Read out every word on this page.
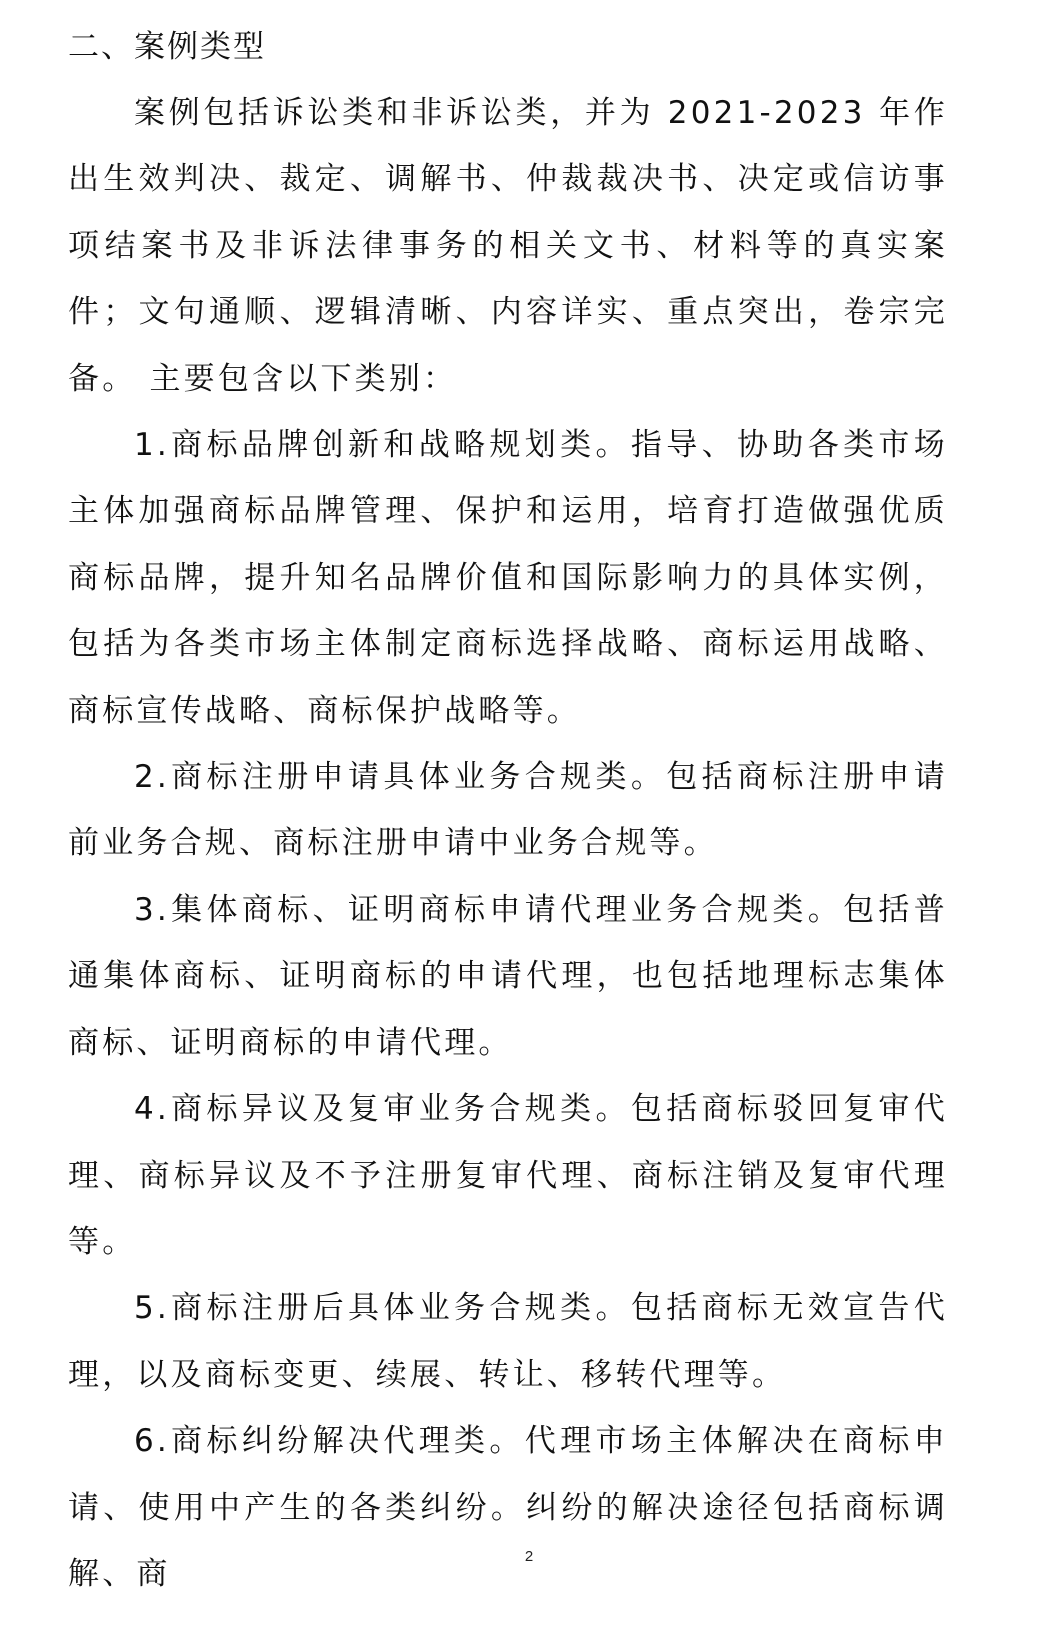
二、案例类型

案例包括诉讼类和非诉讼类，并为 2021-2023 年作出生效判决、裁定、调解书、仲裁裁决书、决定或信访事项结案书及非诉法律事务的相关文书、材料等的真实案件；文句通顺、逻辑清晰、内容详实、重点突出，卷宗完备。 主要包含以下类别：

1.商标品牌创新和战略规划类。指导、协助各类市场主体加强商标品牌管理、保护和运用，培育打造做强优质商标品牌，提升知名品牌价值和国际影响力的具体实例，包括为各类市场主体制定商标选择战略、商标运用战略、商标宣传战略、商标保护战略等。

2.商标注册申请具体业务合规类。包括商标注册申请前业务合规、商标注册申请中业务合规等。

3.集体商标、证明商标申请代理业务合规类。包括普通集体商标、证明商标的申请代理，也包括地理标志集体商标、证明商标的申请代理。

4.商标异议及复审业务合规类。包括商标驳回复审代理、商标异议及不予注册复审代理、商标注销及复审代理等。

5.商标注册后具体业务合规类。包括商标无效宣告代理，以及商标变更、续展、转让、移转代理等。

6.商标纠纷解决代理类。代理市场主体解决在商标申请、使用中产生的各类纠纷。纠纷的解决途径包括商标调解、商	2
